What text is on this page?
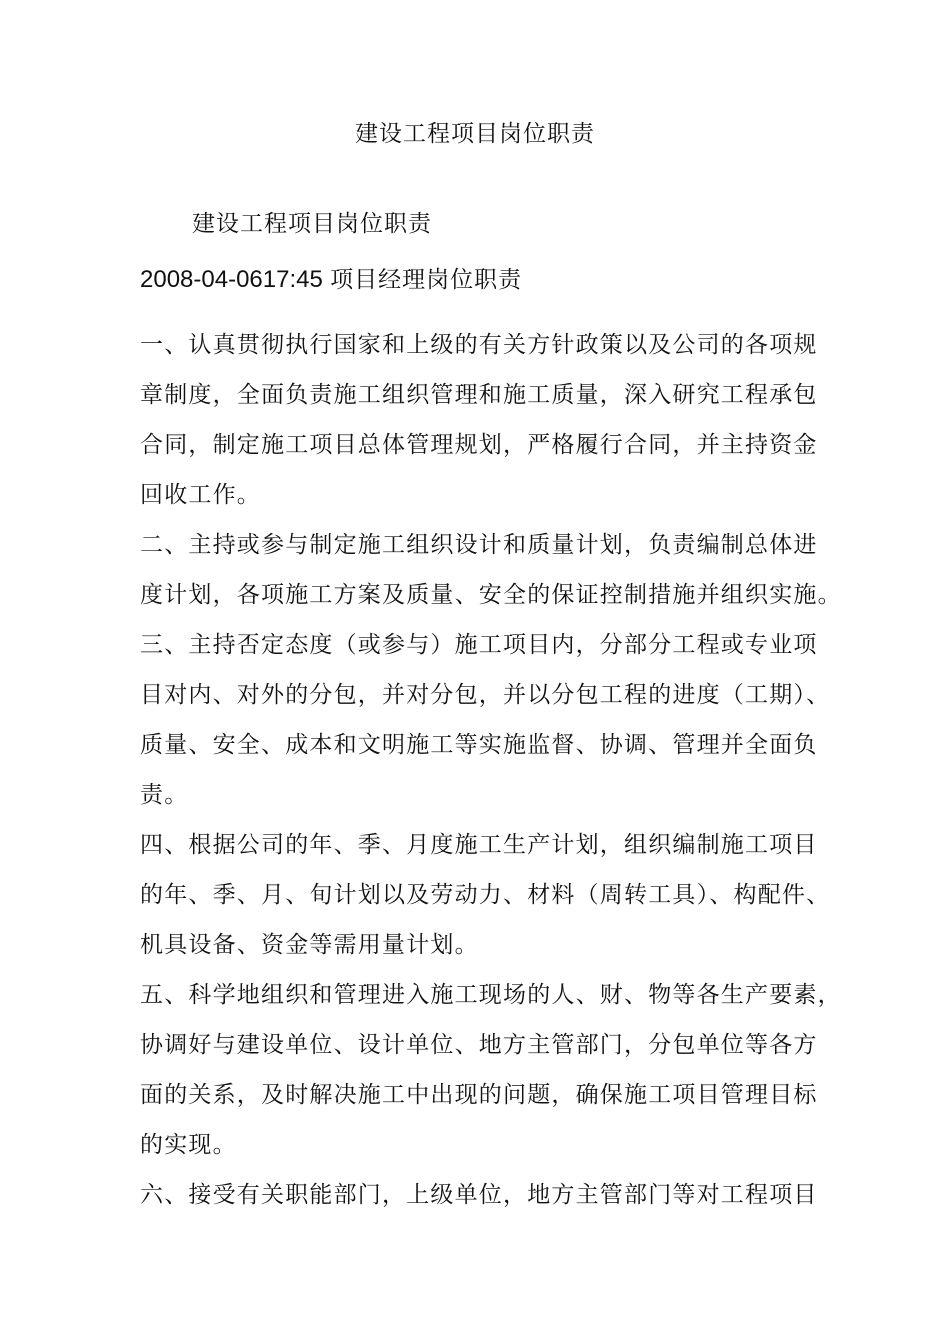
建设工程项目岗位职责
建设工程项目岗位职责
2008-04-0617:45 项目经理岗位职责
一、认真贯彻执行国家和上级的有关方针政策以及公司的各项规
章制度，全面负责施工组织管理和施工质量，深入研究工程承包
合同，制定施工项目总体管理规划，严格履行合同，并主持资金
回收工作。
二、主持或参与制定施工组织设计和质量计划，负责编制总体进
度计划，各项施工方案及质量、安全的保证控制措施并组织实施。
三、主持否定态度（或参与）施工项目内，分部分工程或专业项
目对内、对外的分包，并对分包，并以分包工程的进度（工期）、
质量、安全、成本和文明施工等实施监督、协调、管理并全面负
责。
四、根据公司的年、季、月度施工生产计划，组织编制施工项目
的年、季、月、旬计划以及劳动力、材料（周转工具）、构配件、
机具设备、资金等需用量计划。
五、科学地组织和管理进入施工现场的人、财、物等各生产要素，
协调好与建设单位、设计单位、地方主管部门，分包单位等各方
面的关系，及时解决施工中出现的问题，确保施工项目管理目标
的实现。
六、接受有关职能部门，上级单位，地方主管部门等对工程项目
